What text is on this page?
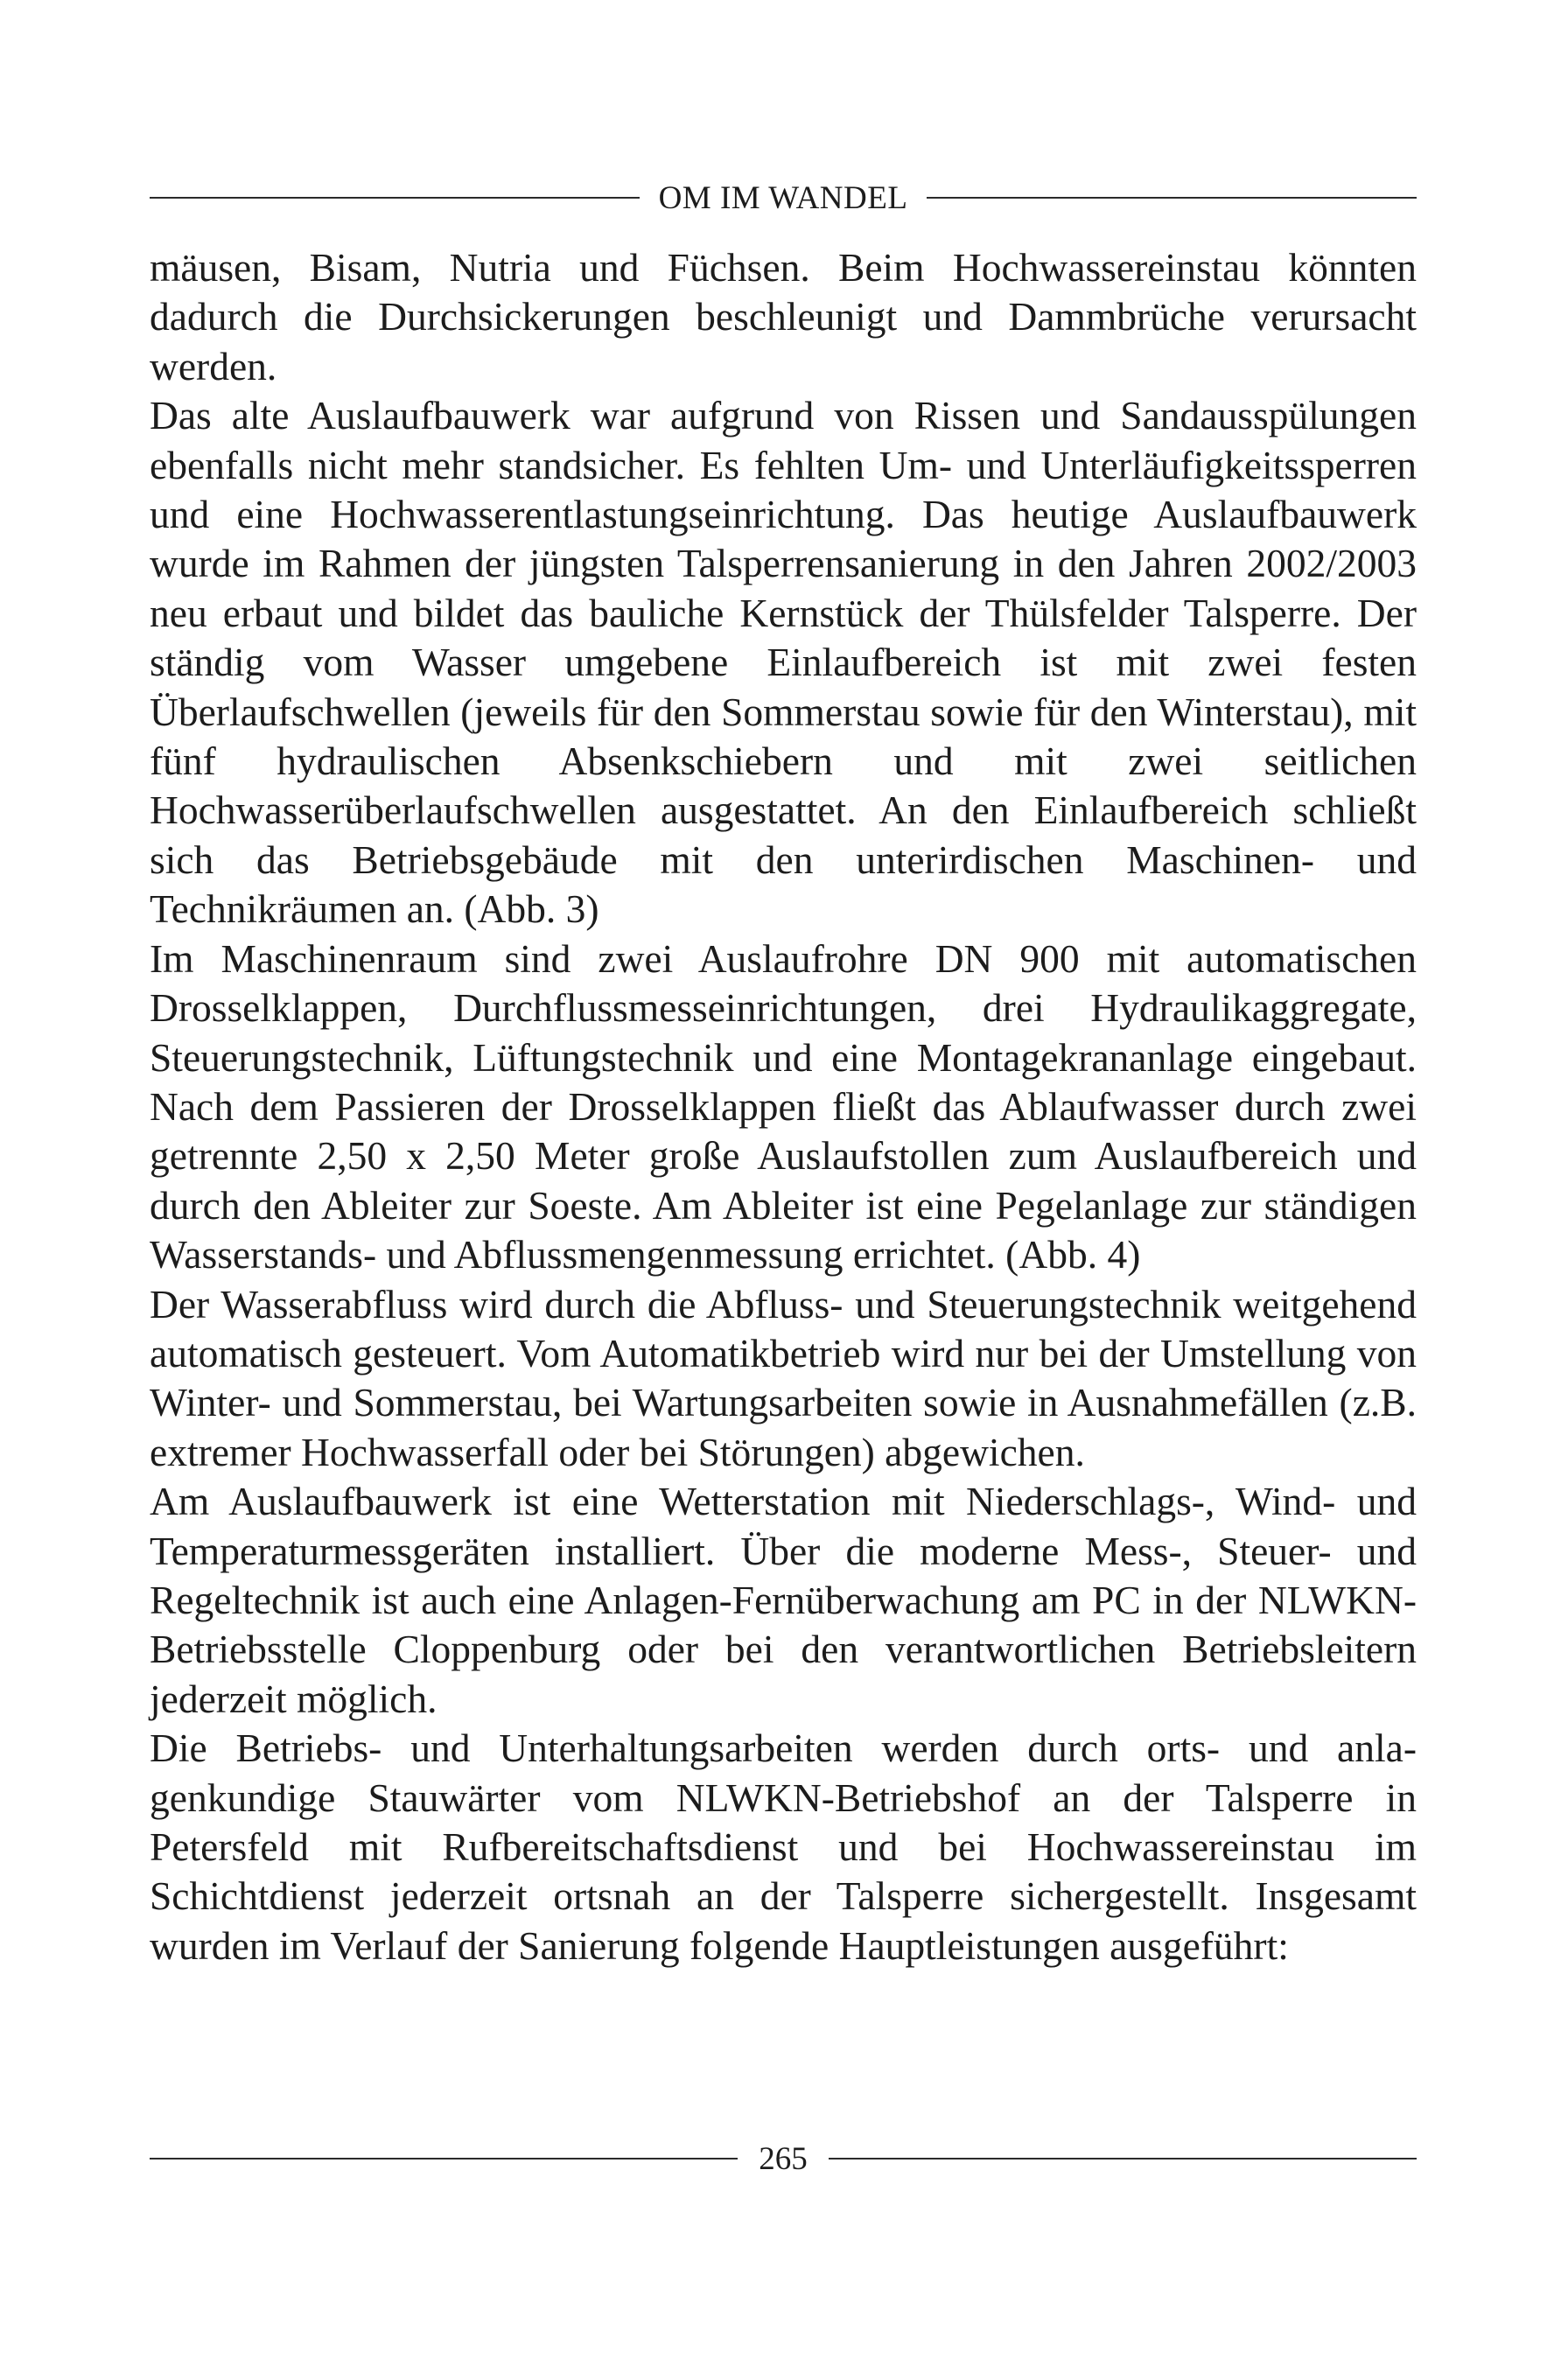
OM IM WANDEL

mäusen, Bisam, Nutria und Füchsen. Beim Hochwassereinstau könnten dadurch die Durchsickerungen beschleunigt und Dammbrüche verursacht werden.

Das alte Auslaufbauwerk war aufgrund von Rissen und Sandausspülungen ebenfalls nicht mehr standsicher. Es fehlten Um- und Unterläufigkeitssperren und eine Hochwasserentlastungseinrichtung. Das heutige Auslaufbauwerk wurde im Rahmen der jüngsten Talsperrensanierung in den Jahren 2002/2003 neu erbaut und bildet das bauliche Kernstück der Thülsfelder Talsperre. Der ständig vom Wasser umgebene Einlaufbereich ist mit zwei festen Überlaufschwellen (jeweils für den Sommerstau sowie für den Winterstau), mit fünf hydraulischen Absenkschiebern und mit zwei seitlichen Hochwasserüberlaufschwellen ausgestattet. An den Einlaufbereich schließt sich das Betriebsgebäude mit den unterirdischen Maschinen- und Technikräumen an. (Abb. 3)

Im Maschinenraum sind zwei Auslaufrohre DN 900 mit automatischen Drosselklappen, Durchflussmesseinrichtungen, drei Hydraulikaggregate, Steuerungstechnik, Lüftungstechnik und eine Montagekrananlage eingebaut. Nach dem Passieren der Drosselklappen fließt das Ablaufwasser durch zwei getrennte 2,50 x 2,50 Meter große Auslaufstollen zum Auslaufbereich und durch den Ableiter zur Soeste. Am Ableiter ist eine Pegelanlage zur ständigen Wasserstands- und Abflussmengenmessung errichtet. (Abb. 4)

Der Wasserabfluss wird durch die Abfluss- und Steuerungstechnik weitgehend automatisch gesteuert. Vom Automatikbetrieb wird nur bei der Umstellung von Winter- und Sommerstau, bei Wartungsarbeiten sowie in Ausnahmefällen (z.B. extremer Hochwasserfall oder bei Störungen) abgewichen.

Am Auslaufbauwerk ist eine Wetterstation mit Niederschlags-, Wind- und Temperaturmessgeräten installiert. Über die moderne Mess-, Steuer- und Regeltechnik ist auch eine Anlagen-Fernüberwachung am PC in der NLWKN-Betriebsstelle Cloppenburg oder bei den verantwortlichen Betriebsleitern jederzeit möglich.

Die Betriebs- und Unterhaltungsarbeiten werden durch orts- und anlagenkundige Stauwärter vom NLWKN-Betriebshof an der Talsperre in Petersfeld mit Rufbereitschaftsdienst und bei Hochwassereinstau im Schichtdienst jederzeit ortsnah an der Talsperre sichergestellt. Insgesamt wurden im Verlauf der Sanierung folgende Hauptleistungen ausgeführt:

265
